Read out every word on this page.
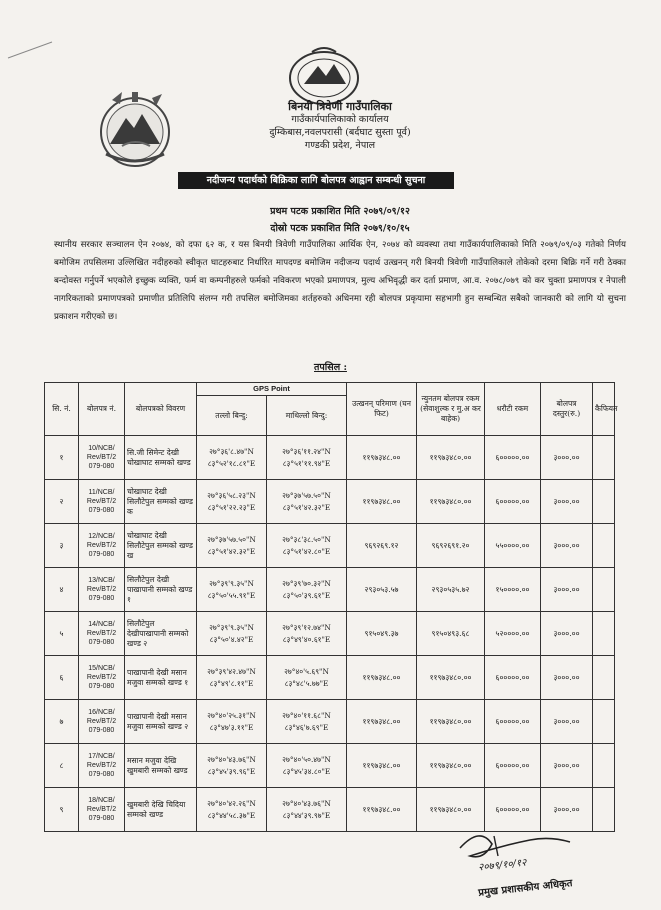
बिनयी त्रिवेणी गाउँपालिका
गाउँकार्यपालिकाको कार्यालय
दुम्किबास,नवलपरासी (बर्दघाट सुस्ता पूर्व)
गण्डकी प्रदेश, नेपाल
नदीजन्य पदार्थको बिक्रिका लागि बोलपत्र आह्वान सम्बन्धी सुचना
प्रथम पटक प्रकाशित मिति २०७९/०९/१२
दोस्रो पटक प्रकाशित मिति २०७९/१०/१५
स्थानीय सरकार सञ्चालन ऐन २०७४, को दफा ६२ क, र यस बिनयी त्रिवेणी गाउँपालिका आर्थिक ऐन, २०७४ को व्यवस्था तथा गाउँकार्यपालिकाको मिति २०७९/०९/०३ गतेको निर्णय बमोजिम तपसिलमा उल्लिखित नदीहरुको स्वीकृत घाटहरुबाट निर्धारित मापदण्ड बमोजिम नदीजन्य पदार्थ उत्खनन् गरी बिनयी त्रिवेणी गाउँपालिकाले तोकेको दरमा बिक्रि गर्ने गरी ठेक्का बन्दोवस्त गर्नुपर्ने भएकोले इच्छुक व्यक्ति, फर्म वा कम्पनीहरुले फर्मको नविकरण भएको प्रमाणपत्र, मुल्य अभिवृद्धी कर दर्ता प्रमाण, आ.व. २०७८/०७९ को कर चुक्ता प्रमाणपत्र र नेपाली नागरिकताको प्रमाणपत्रको प्रमाणीत प्रतिलिपि संलग्न गरी तपसिल बमोजिमका शर्तहरुको अधिनमा रही बोलपत्र प्रकृयामा सहभागी हुन सम्बन्धित सबैको जानकारी को लागि यो सुचना प्रकाशन गरीएको छ।
तपसिल :
सि. नं.	बोलपत्र नं.	बोलपत्रको विवरण	GPS Point		उत्खनन् परिमाण (घन फिट)	न्युनतम बोलपत्र रकम (सेवाशुल्क र मु.अ कर बाहेक)	धरौटी रकम	बोलपत्र दस्तुर(रु.)	कैफियत
			तल्लो बिन्दु:	माथिल्लो बिन्दु:					
१	10/NCB/ Rev/BT/2 079-080	सि.जी सिमेन्ट देखी चोखाघाट सम्मको खण्ड	२७°३६'८.४७"N ८३°५२'१८.८१"E	२७°३६'११.२४"N ८३°५१'११.९४"E	११९७३४८.००	११९७३४८०.००	६०००००.००	३०००.००	
२	11/NCB/ Rev/BT/2 079-080	चोखाघाट देखी सिलौटेपुल सम्मको खण्ड क	२७°३६'५८.२३"N ८३°५१'२२.२३"E	२७°३७'५७.५०"N ८३°५१'४२.३२"E	११९७३४८.००	११९७३४८०.००	६०००००.००	३०००.००	
३	12/NCB/ Rev/BT/2 079-080	चोखाघाट देखी सिलौटेपुल सम्मको खण्ड ख	२७°३७'५७.५०"N ८३°५१'४२.३२"E	२७°३८'३८.५०"N ८३°५१'४२.८०"E	९६९२६९.१२	९६९२६९१.२०	५५००००.००	३०००.००	
४	13/NCB/ Rev/BT/2 079-080	सिलौटेपुल देखी पाखापानी सम्मको खण्ड १	२७°३९'९.३५"N ८३°५०'५५.९१"E	२७°३९'७०.३२"N ८३°५०'३९.६१"E	२९३०५३.५७	२९३०५३५.७२	१५००००.००	३०००.००	
५	14/NCB/ Rev/BT/2 079-080	सिलौटेपुल देखीपाखापानी सम्मको खण्ड २	२७°३९'९.३५"N ८३°५०'४.४२"E	२७°३९'१२.७४"N ८३°४९'४०.६१"E	९१५०४९.३७	९१५०४९३.६८	५२००००.००	३०००.००	
६	15/NCB/ Rev/BT/2 079-080	पाखापानी देखी मसान मजुवा सम्मको खण्ड १	२७°३९'४२.४७"N ८३°४९'८.११"E	२७°४०'५.६९"N ८३°४८'५.७७"E	११९७३४८.००	११९७३४८०.००	६०००००.००	३०००.००	
७	16/NCB/ Rev/BT/2 079-080	पाखापानी देखी मसान मजुवा सम्मको खण्ड २	२७°४०'२५.३१"N ८३°४७'३.११"E	२७°४०'११.६८"N ८३°४६'७.६९"E	११९७३४८.००	११९७३४८०.००	६०००००.००	३०००.००	
८	17/NCB/ Rev/BT/2 079-080	मसान मजुवा देखि खुमबारी सम्मको खण्ड	२७°४०'४३.७६"N ८३°४५'३९.९६"E	२७°४०'५०.४७"N ८३°४५'३४.८०"E	११९७३४८.००	११९७३४८०.००	६०००००.००	३०००.००	
९	18/NCB/ Rev/BT/2 079-080	खुमबारी देखि चिदिया सम्मको खण्ड	२७°४०'४२.२६"N ८३°४४'५८.३७"E	२७°४०'४३.७६"N ८३°४४'३९.९७"E	११९७३४८.००	११९७३४८०.००	६०००००.००	३०००.००	
२०७९/१०/१२
प्रमुख प्रशासकीय अधिकृत
